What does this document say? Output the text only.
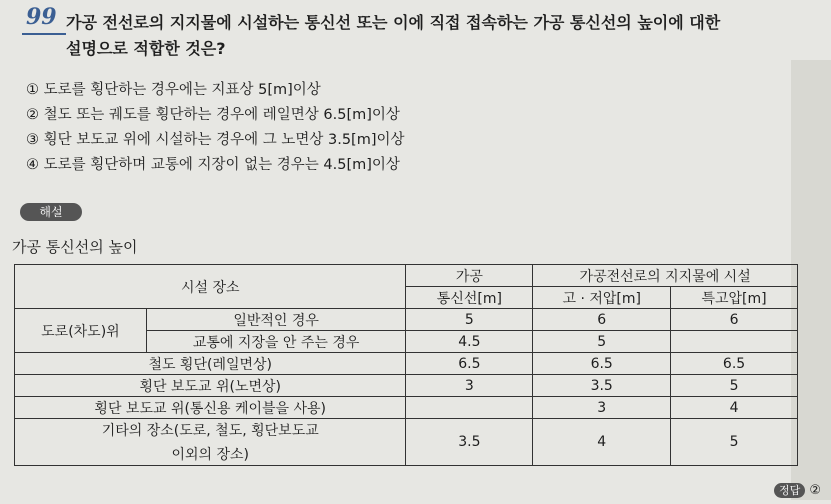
99 가공 전선로의 지지물에 시설하는 통신선 또는 이에 직접 접속하는 가공 통신선의 높이에 대한
설명으로 적합한 것은?
① 도로를 횡단하는 경우에는 지표상 5[m]이상
② 철도 또는 궤도를 횡단하는 경우에 레일면상 6.5[m]이상
③ 횡단 보도교 위에 시설하는 경우에 그 노면상 3.5[m]이상
④ 도로를 횡단하며 교통에 지장이 없는 경우는 4.5[m]이상
해설
가공 통신선의 높이
시설 장소		가공	가공전선로의 지지물에 시설	
		통신선[m]	고 · 저압[m]	특고압[m]
도로(차도)위	일반적인 경우	5	6	6
	교통에 지장을 안 주는 경우	4.5	5	
철도 횡단(레일면상)		6.5	6.5	6.5
횡단 보도교 위(노면상)		3	3.5	5
횡단 보도교 위(통신용 케이블을 사용)			3	4

기타의 장소(도로, 철도, 횡단보도교
이외의 장소)		3.5	4	5
정답 ②
